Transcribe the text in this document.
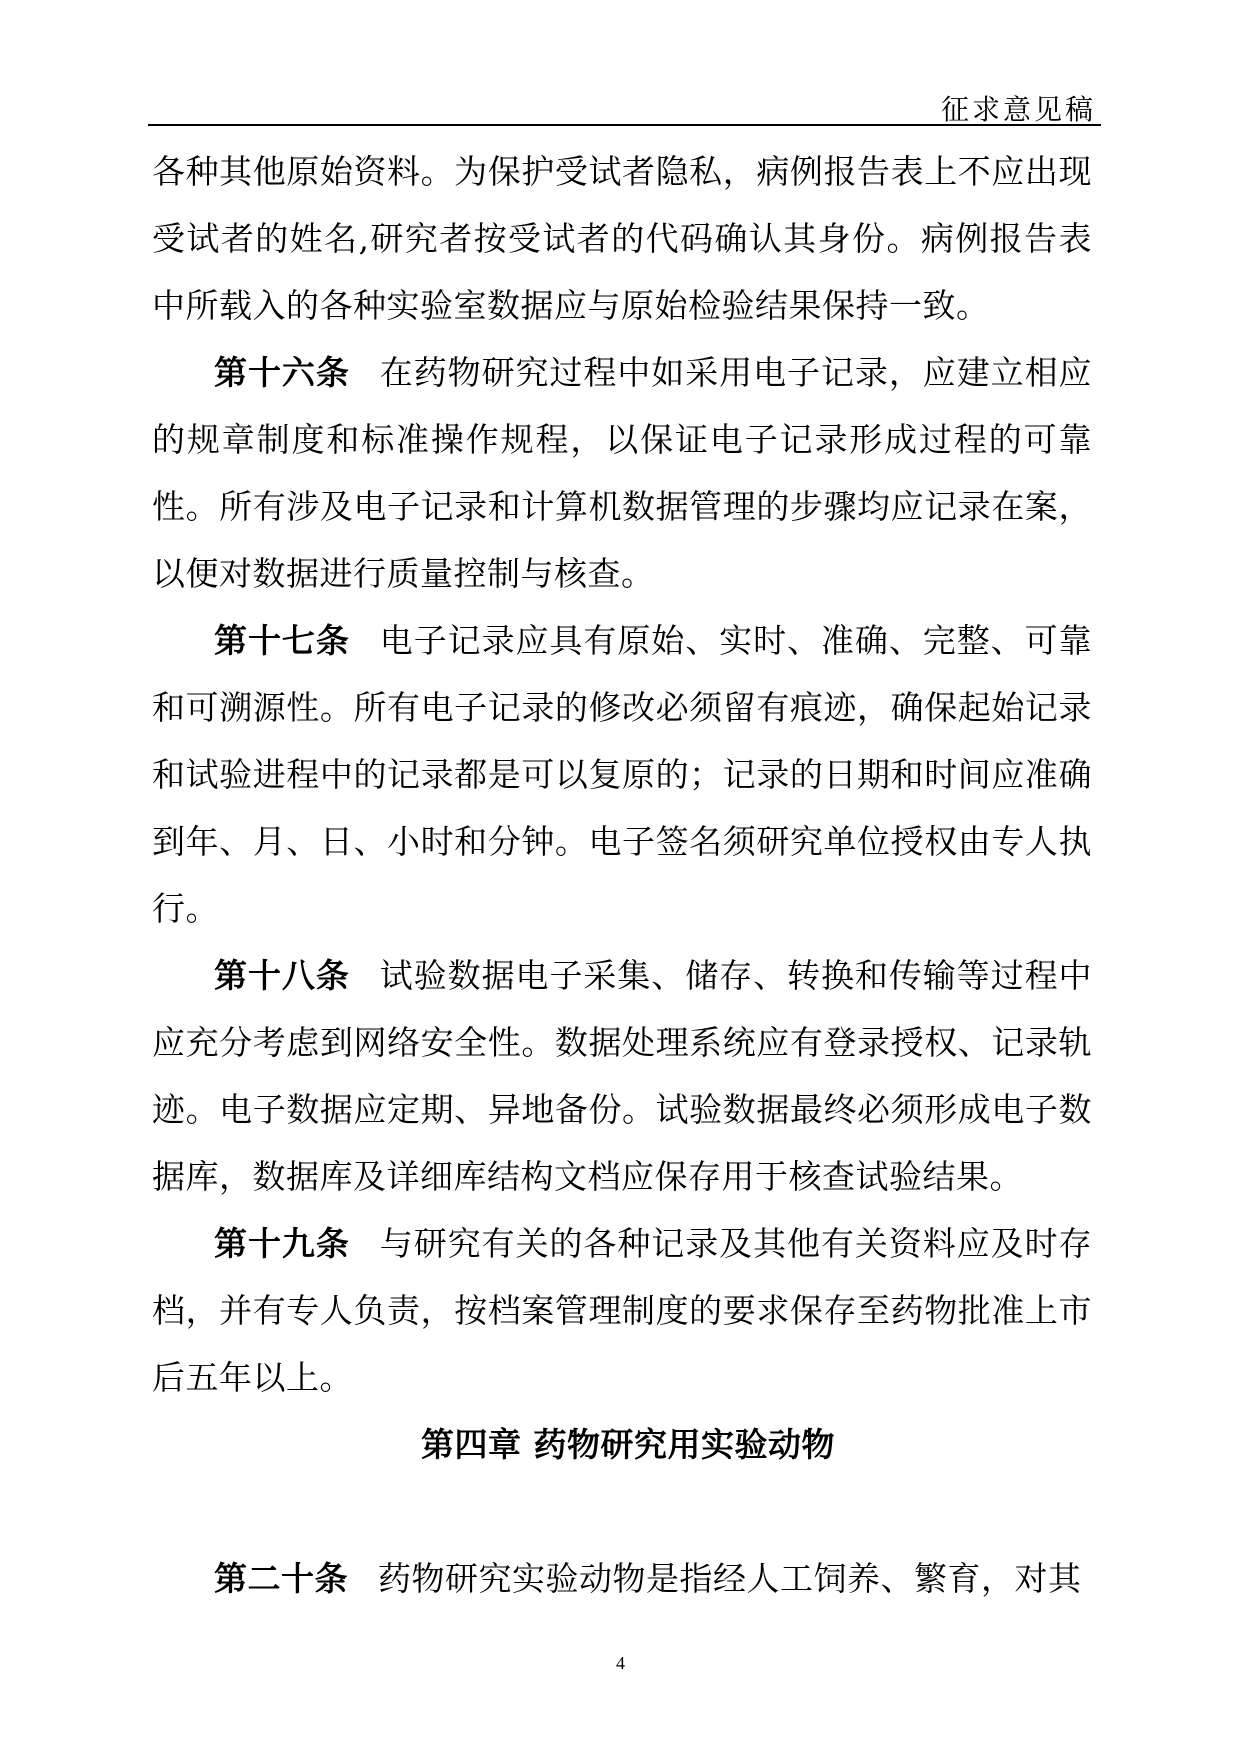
征求意见稿

各种其他原始资料。为保护受试者隐私，病例报告表上不应出现受试者的姓名,研究者按受试者的代码确认其身份。病例报告表中所载入的各种实验室数据应与原始检验结果保持一致。

第十六条 在药物研究过程中如采用电子记录，应建立相应的规章制度和标准操作规程，以保证电子记录形成过程的可靠性。所有涉及电子记录和计算机数据管理的步骤均应记录在案，以便对数据进行质量控制与核查。

第十七条 电子记录应具有原始、实时、准确、完整、可靠和可溯源性。所有电子记录的修改必须留有痕迹，确保起始记录和试验进程中的记录都是可以复原的；记录的日期和时间应准确到年、月、日、小时和分钟。电子签名须研究单位授权由专人执行。

第十八条 试验数据电子采集、储存、转换和传输等过程中应充分考虑到网络安全性。数据处理系统应有登录授权、记录轨迹。电子数据应定期、异地备份。试验数据最终必须形成电子数据库，数据库及详细库结构文档应保存用于核查试验结果。

第十九条 与研究有关的各种记录及其他有关资料应及时存档，并有专人负责，按档案管理制度的要求保存至药物批准上市后五年以上。

第四章 药物研究用实验动物

第二十条 药物研究实验动物是指经人工饲养、繁育，对其

4
